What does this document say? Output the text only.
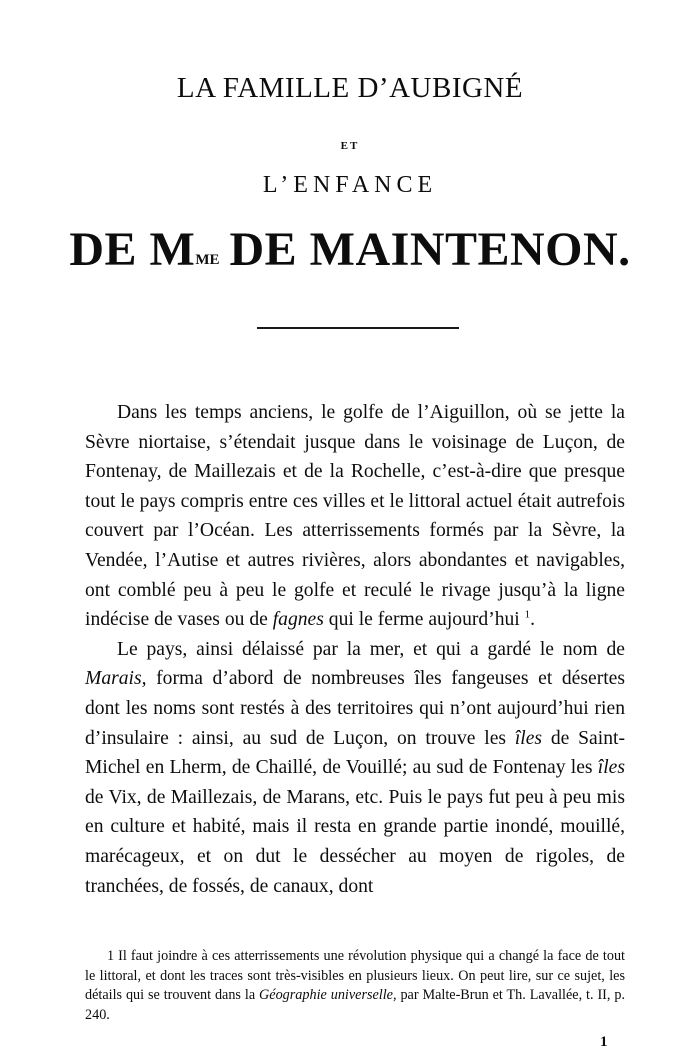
LA FAMILLE D’AUBIGNÉ
ET
L’ENFANCE
DE $M^{ME}$ DE MAINTENON.

Dans les temps anciens, le golfe de l’Aiguillon, où se jette la Sèvre niortaise, s’étendait jusque dans le voisinage de Luçon, de Fontenay, de Maillezais et de la Rochelle, c’est-à-dire que presque tout le pays compris entre ces villes et le littoral actuel était autrefois couvert par l’Océan. Les atterrissements formés par la Sèvre, la Vendée, l’Autise et autres rivières, alors abondantes et navigables, ont comblé peu à peu le golfe et reculé le rivage jusqu’à la ligne indécise de vases ou de fagnes qui le ferme aujourd’hui $^1$.

Le pays, ainsi délaissé par la mer, et qui a gardé le nom de Marais, forma d’abord de nombreuses îles fangeuses et désertes dont les noms sont restés à des territoires qui n’ont aujourd’hui rien d’insulaire : ainsi, au sud de Luçon, on trouve les îles de Saint-Michel en Lherm, de Chaillé, de Vouillé; au sud de Fontenay les îles de Vix, de Maillezais, de Marans, etc. Puis le pays fut peu à peu mis en culture et habité, mais il resta en grande partie inondé, mouillé, marécageux, et on dut le dessécher au moyen de rigoles, de tranchées, de fossés, de canaux, dont

1 Il faut joindre à ces atterrissements une révolution physique qui a changé la face de tout le littoral, et dont les traces sont très-visibles en plusieurs lieux. On peut lire, sur ce sujet, les détails qui se trouvent dans la Géographie universelle, par Malte-Brun et Th. Lavallée, t. II, p. 240.

1
